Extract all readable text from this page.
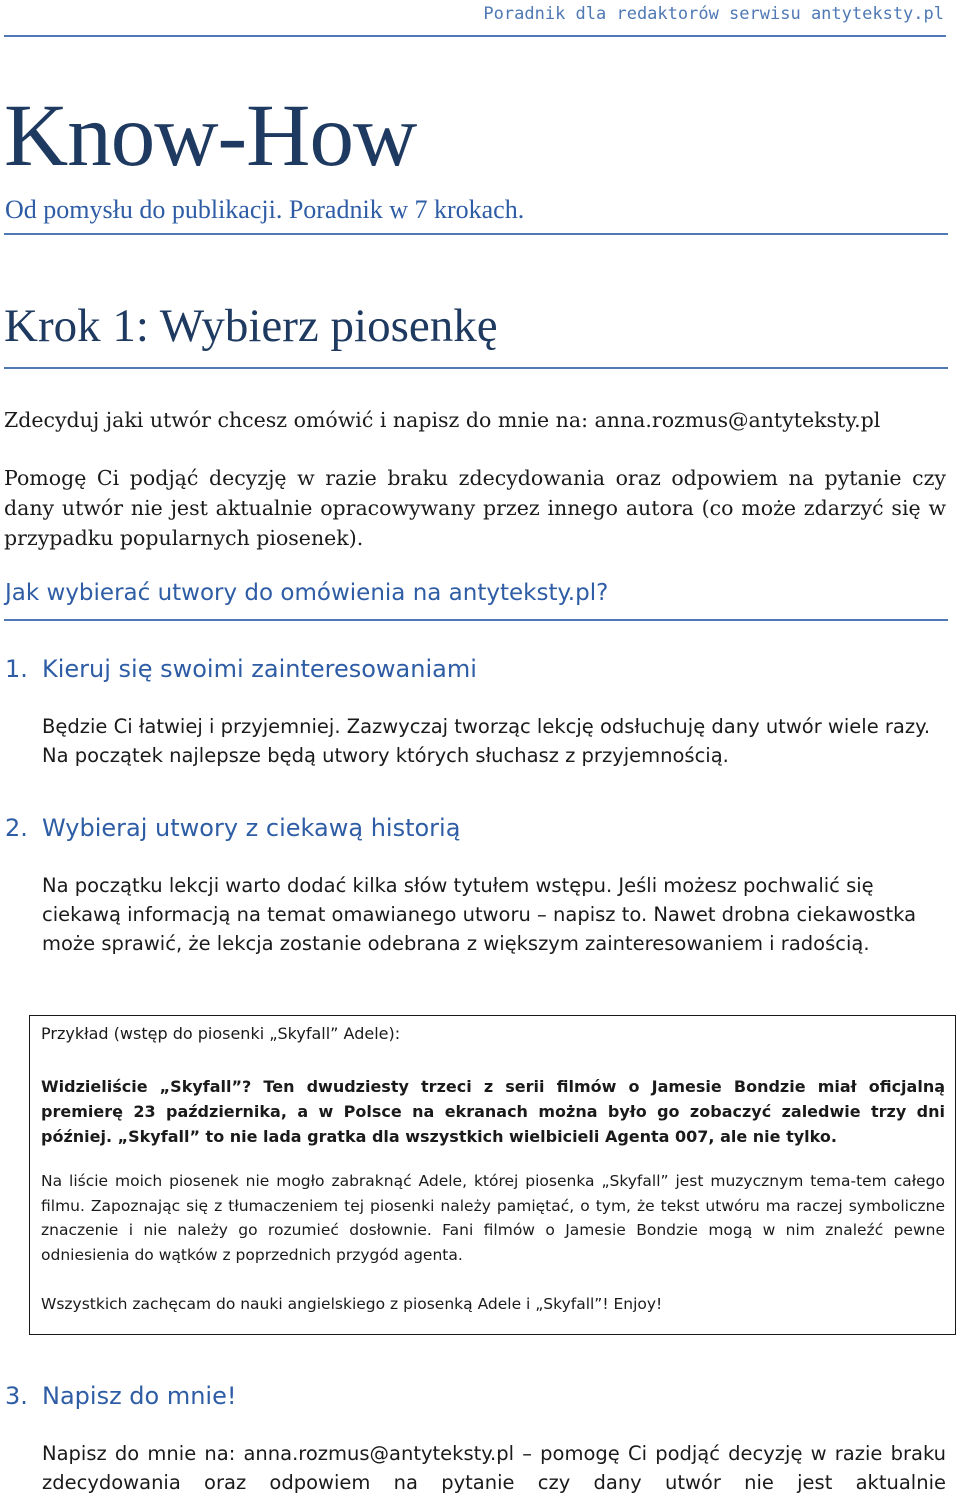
Poradnik dla redaktorów serwisu antyteksty.pl
Know-How
Od pomysłu do publikacji. Poradnik w 7 krokach.
Krok 1: Wybierz piosenkę

Zdecyduj jaki utwór chcesz omówić i napisz do mnie na: anna.rozmus@antyteksty.pl

Pomogę Ci podjąć decyzję w razie braku zdecydowania oraz odpowiem na pytanie czy dany utwór nie jest aktualnie opracowywany przez innego autora (co może zdarzyć się w przypadku popularnych piosenek).

Jak wybierać utwory do omówienia na antyteksty.pl?
1. Kieruj się swoimi zainteresowaniami

Będzie Ci łatwiej i przyjemniej. Zazwyczaj tworząc lekcję odsłuchuję dany utwór wiele razy. Na początek najlepsze będą utwory których słuchasz z przyjemnością.

2. Wybieraj utwory z ciekawą historią

Na początku lekcji warto dodać kilka słów tytułem wstępu. Jeśli możesz pochwalić się ciekawą informacją na temat omawianego utworu – napisz to. Nawet drobna ciekawostka może sprawić, że lekcja zostanie odebrana z większym zainteresowaniem i radością.

Przykład (wstęp do piosenki „Skyfall” Adele):

Widzieliście „Skyfall”? Ten dwudziesty trzeci z serii filmów o Jamesie Bondzie miał oficjalną premierę 23 października, a w Polsce na ekranach można było go zobaczyć zaledwie trzy dni później. „Skyfall” to nie lada gratka dla wszystkich wielbicieli Agenta 007, ale nie tylko.

Na liście moich piosenek nie mogło zabraknąć Adele, której piosenka „Skyfall” jest muzycznym tema-tem całego filmu. Zapoznając się z tłumaczeniem tej piosenki należy pamiętać, o tym, że tekst utwóru ma raczej symboliczne znaczenie i nie należy go rozumieć dosłownie. Fani filmów o Jamesie Bondzie mogą w nim znaleźć pewne odniesienia do wątków z poprzednich przygód agenta.

Wszystkich zachęcam do nauki angielskiego z piosenką Adele i „Skyfall”! Enjoy!

3. Napisz do mnie!

Napisz do mnie na: anna.rozmus@antyteksty.pl – pomogę Ci podjąć decyzję w razie braku zdecydowania oraz odpowiem na pytanie czy dany utwór nie jest aktualnie
